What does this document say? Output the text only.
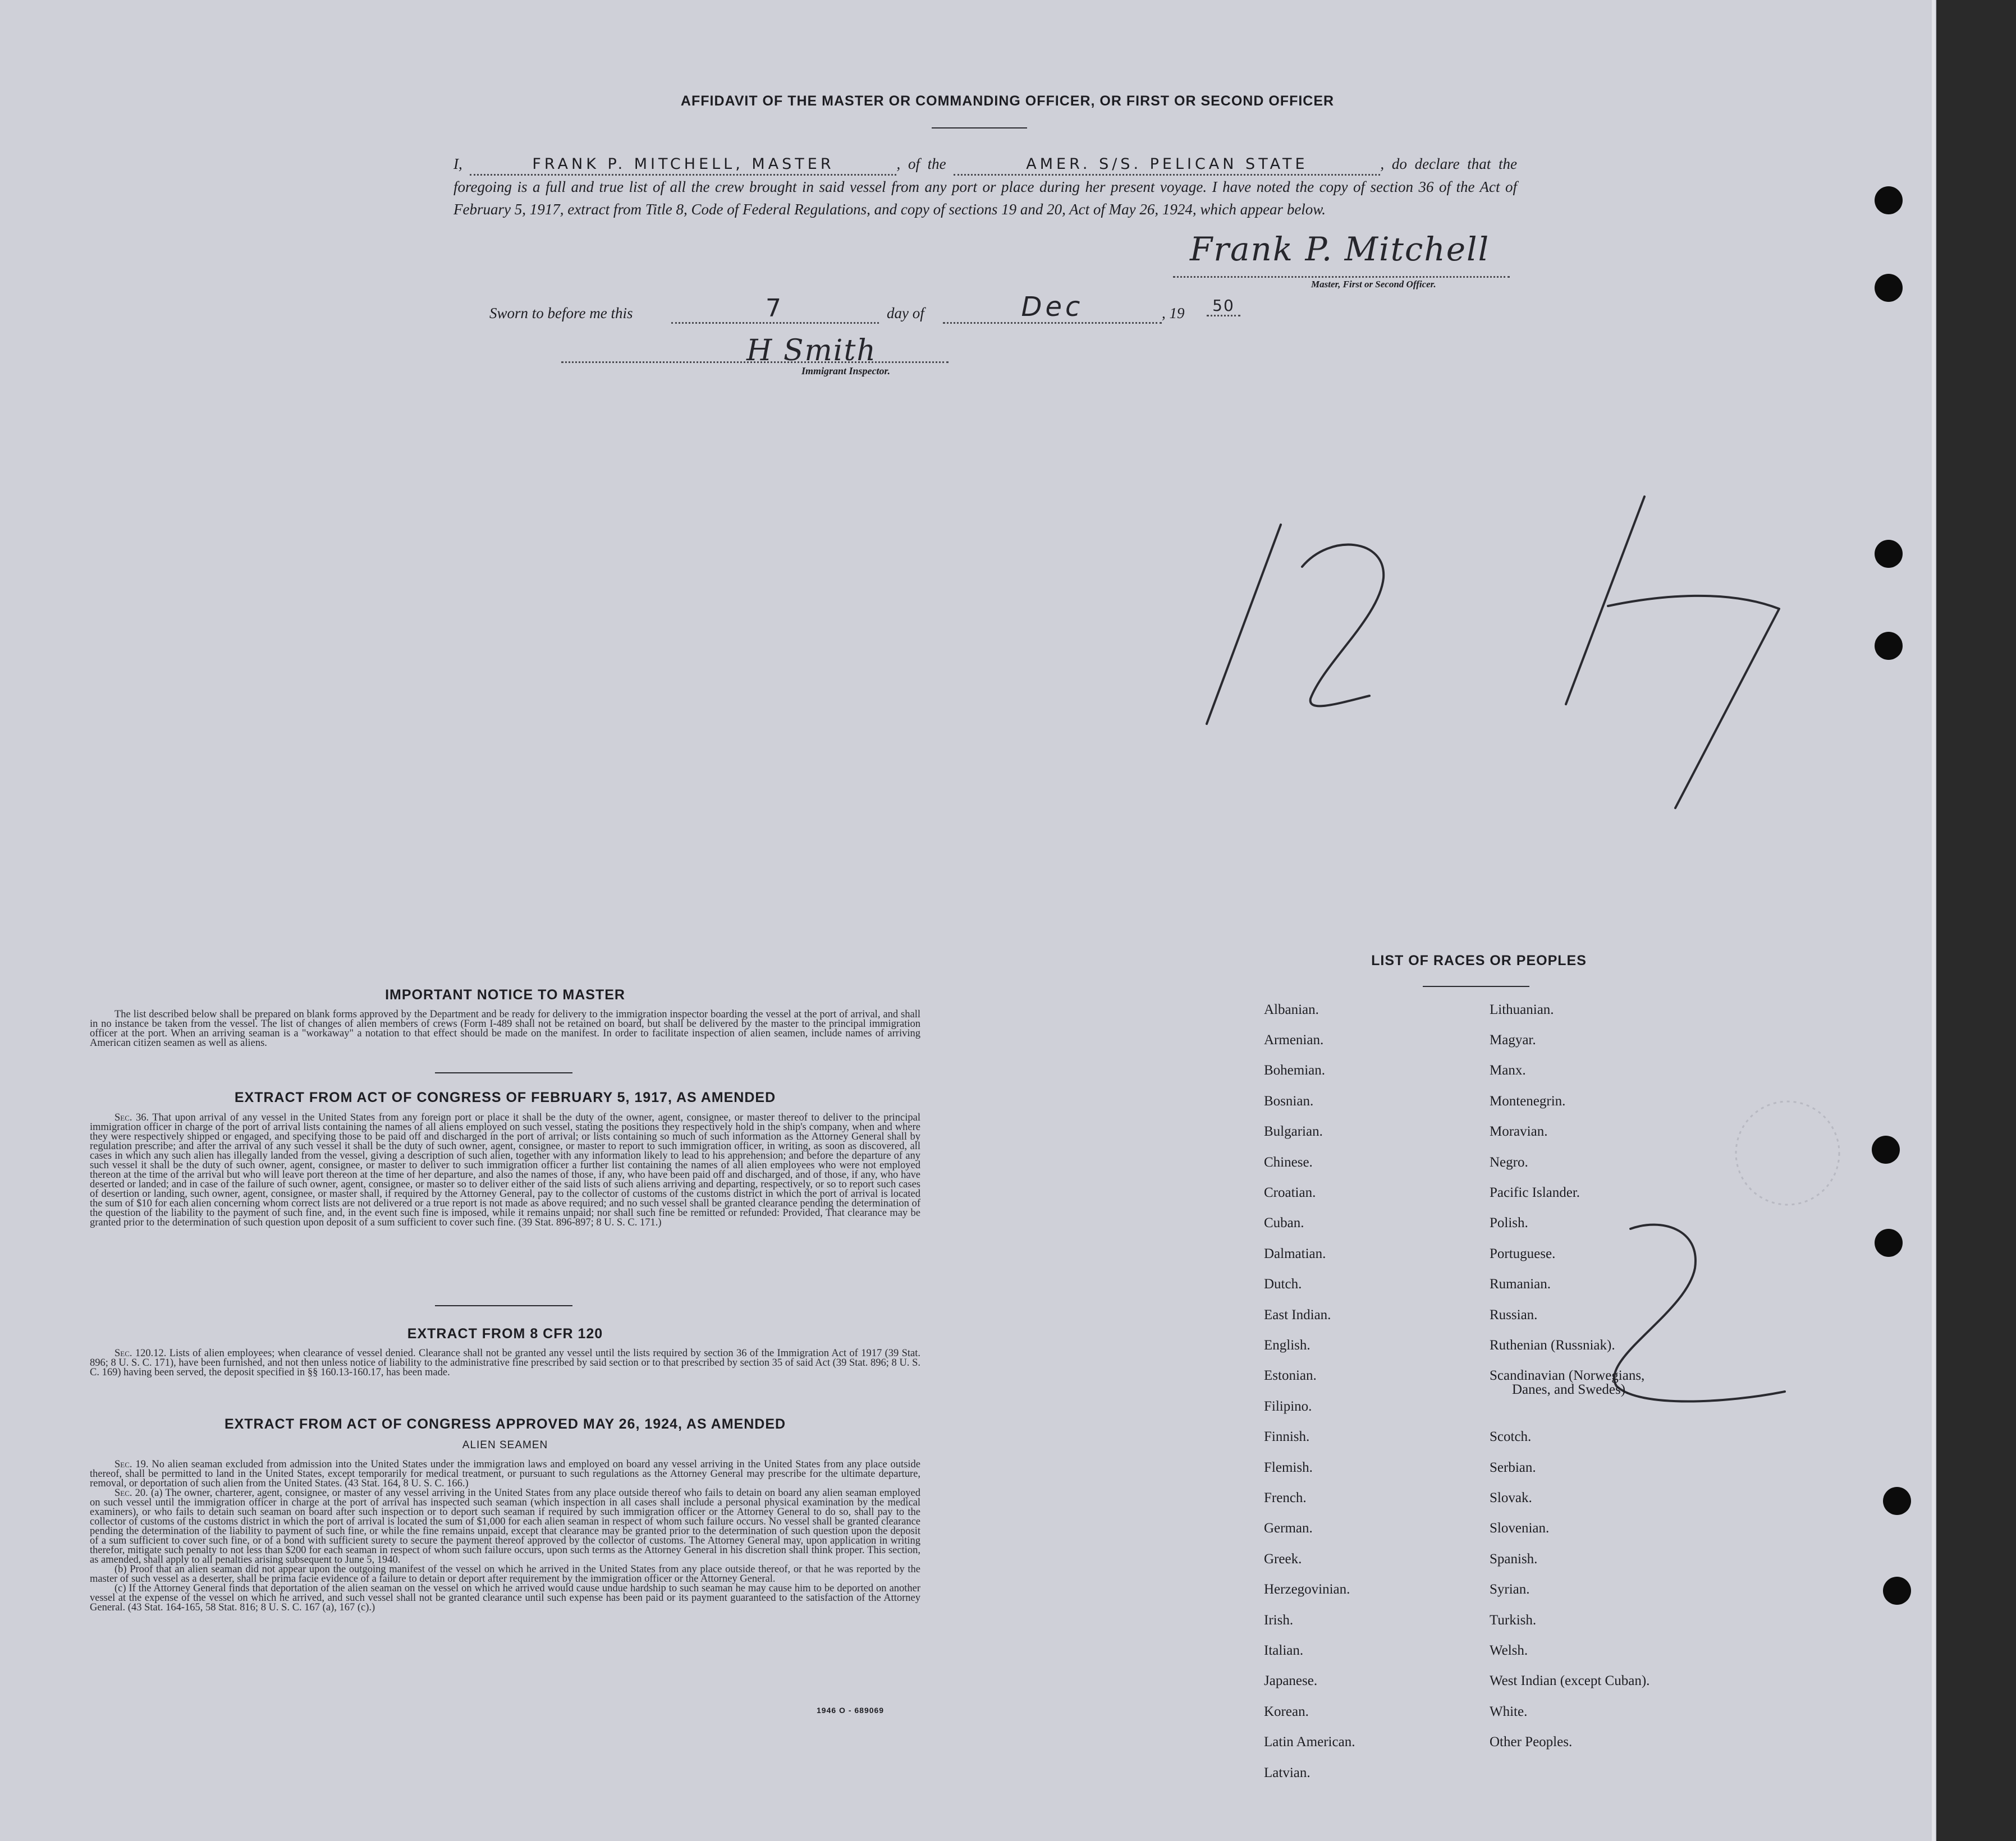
AFFIDAVIT OF THE MASTER OR COMMANDING OFFICER, OR FIRST OR SECOND OFFICER
I,	FRANK P. MITCHELL, MASTER	, of the	AMER. S/S. PELICAN STATE	, do declare that the foregoing is a full and true list of all the crew brought in said vessel from any port or place during her present voyage. I have noted the copy of section 36 of the Act of February 5, 1917, extract from Title 8, Code of Federal Regulations, and copy of sections 19 and 20, Act of May 26, 1924, which appear below.
Frank P. Mitchell
Master, First or Second Officer.
Sworn to before me this	7	day of	Dec	, 19	50
H Smith
Immigrant Inspector.
IMPORTANT NOTICE TO MASTER
The list described below shall be prepared on blank forms approved by the Department and be ready for delivery to the immigration inspector boarding the vessel at the port of arrival, and shall in no instance be taken from the vessel. The list of changes of alien members of crews (Form I-489 shall not be retained on board, but shall be delivered by the master to the principal immigration officer at the port. When an arriving seaman is a "workaway" a notation to that effect should be made on the manifest. In order to facilitate inspection of alien seamen, include names of arriving American citizen seamen as well as aliens.
EXTRACT FROM ACT OF CONGRESS OF FEBRUARY 5, 1917, AS AMENDED
Sec. 36. That upon arrival of any vessel in the United States from any foreign port or place it shall be the duty of the owner, agent, consignee, or master thereof to deliver to the principal immigration officer in charge of the port of arrival lists containing the names of all aliens employed on such vessel, stating the positions they respectively hold in the ship's company, when and where they were respectively shipped or engaged, and specifying those to be paid off and discharged in the port of arrival; or lists containing so much of such information as the Attorney General shall by regulation prescribe; and after the arrival of any such vessel it shall be the duty of such owner, agent, consignee, or master to report to such immigration officer, in writing, as soon as discovered, all cases in which any such alien has illegally landed from the vessel, giving a description of such alien, together with any information likely to lead to his apprehension; and before the departure of any such vessel it shall be the duty of such owner, agent, consignee, or master to deliver to such immigration officer a further list containing the names of all alien employees who were not employed thereon at the time of the arrival but who will leave port thereon at the time of her departure, and also the names of those, if any, who have been paid off and discharged, and of those, if any, who have deserted or landed; and in case of the failure of such owner, agent, consignee, or master so to deliver either of the said lists of such aliens arriving and departing, respectively, or so to report such cases of desertion or landing, such owner, agent, consignee, or master shall, if required by the Attorney General, pay to the collector of customs of the customs district in which the port of arrival is located the sum of $10 for each alien concerning whom correct lists are not delivered or a true report is not made as above required; and no such vessel shall be granted clearance pending the determination of the question of the liability to the payment of such fine, and, in the event such fine is imposed, while it remains unpaid; nor shall such fine be remitted or refunded: Provided, That clearance may be granted prior to the determination of such question upon deposit of a sum sufficient to cover such fine. (39 Stat. 896-897; 8 U. S. C. 171.)
EXTRACT FROM 8 CFR 120
Sec. 120.12. Lists of alien employees; when clearance of vessel denied. Clearance shall not be granted any vessel until the lists required by section 36 of the Immigration Act of 1917 (39 Stat. 896; 8 U. S. C. 171), have been furnished, and not then unless notice of liability to the administrative fine prescribed by said section or to that prescribed by section 35 of said Act (39 Stat. 896; 8 U. S. C. 169) having been served, the deposit specified in §§ 160.13-160.17, has been made.
EXTRACT FROM ACT OF CONGRESS APPROVED MAY 26, 1924, AS AMENDED
ALIEN SEAMEN
Sec. 19. No alien seaman excluded from admission into the United States under the immigration laws and employed on board any vessel arriving in the United States from any place outside thereof, shall be permitted to land in the United States, except temporarily for medical treatment, or pursuant to such regulations as the Attorney General may prescribe for the ultimate departure, removal, or deportation of such alien from the United States. (43 Stat. 164, 8 U. S. C. 166.)
Sec. 20. (a) The owner, charterer, agent, consignee, or master of any vessel arriving in the United States from any place outside thereof who fails to detain on board any alien seaman employed on such vessel until the immigration officer in charge at the port of arrival has inspected such seaman (which inspection in all cases shall include a personal physical examination by the medical examiners), or who fails to detain such seaman on board after such inspection or to deport such seaman if required by such immigration officer or the Attorney General to do so, shall pay to the collector of customs of the customs district in which the port of arrival is located the sum of $1,000 for each alien seaman in respect of whom such failure occurs. No vessel shall be granted clearance pending the determination of the liability to payment of such fine, or while the fine remains unpaid, except that clearance may be granted prior to the determination of such question upon the deposit of a sum sufficient to cover such fine, or of a bond with sufficient surety to secure the payment thereof approved by the collector of customs. The Attorney General may, upon application in writing therefor, mitigate such penalty to not less than $200 for each seaman in respect of whom such failure occurs, upon such terms as the Attorney General in his discretion shall think proper. This section, as amended, shall apply to all penalties arising subsequent to June 5, 1940.
(b) Proof that an alien seaman did not appear upon the outgoing manifest of the vessel on which he arrived in the United States from any place outside thereof, or that he was reported by the master of such vessel as a deserter, shall be prima facie evidence of a failure to detain or deport after requirement by the immigration officer or the Attorney General.
(c) If the Attorney General finds that deportation of the alien seaman on the vessel on which he arrived would cause undue hardship to such seaman he may cause him to be deported on another vessel at the expense of the vessel on which he arrived, and such vessel shall not be granted clearance until such expense has been paid or its payment guaranteed to the satisfaction of the Attorney General. (43 Stat. 164-165, 58 Stat. 816; 8 U. S. C. 167 (a), 167 (c).)
1946 O - 689069
LIST OF RACES OR PEOPLES
Albanian.
Armenian.
Bohemian.
Bosnian.
Bulgarian.
Chinese.
Croatian.
Cuban.
Dalmatian.
Dutch.
East Indian.
English.
Estonian.
Filipino.
Finnish.
Flemish.
French.
German.
Greek.
Herzegovinian.
Irish.
Italian.
Japanese.
Korean.
Latin American.
Latvian.
Lithuanian.
Magyar.
Manx.
Montenegrin.
Moravian.
Negro.
Pacific Islander.
Polish.
Portuguese.
Rumanian.
Russian.
Ruthenian (Russniak).
Scandinavian (Norwegians,
Danes, and Swedes).
Scotch.
Serbian.
Slovak.
Slovenian.
Spanish.
Syrian.
Turkish.
Welsh.
West Indian (except Cuban).
White.
Other Peoples.
